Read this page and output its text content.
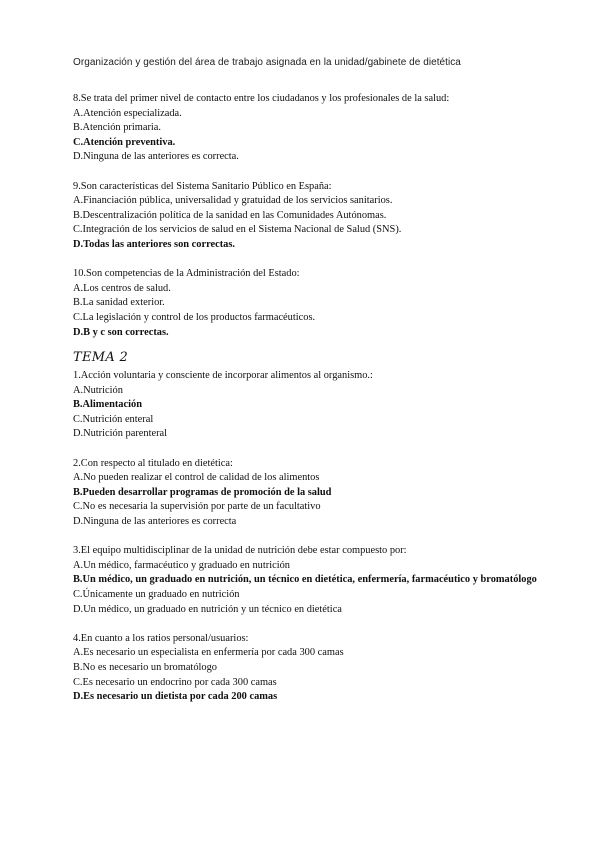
Organización y gestión del área de trabajo asignada en la unidad/gabinete de dietética

8.Se trata del primer nivel de contacto entre los ciudadanos y los profesionales de la salud:

A.Atención especializada.

B.Atención primaria.

C.Atención preventiva.

D.Ninguna de las anteriores es correcta.

9.Son características del Sistema Sanitario Público en España:

A.Financiación pública, universalidad y gratuidad de los servicios sanitarios.

B.Descentralización política de la sanidad en las Comunidades Autónomas.

C.Integración de los servicios de salud en el Sistema Nacional de Salud (SNS).

D.Todas las anteriores son correctas.

10.Son competencias de la Administración del Estado:

A.Los centros de salud.

B.La sanidad exterior.

C.La legislación y control de los productos farmacéuticos.

D.B y c son correctas.

TEMA 2

1.Acción voluntaria y consciente de incorporar alimentos al organismo.:

A.Nutrición

B.Alimentación

C.Nutrición enteral

D.Nutrición parenteral

2.Con respecto al titulado en dietética:

A.No pueden realizar el control de calidad de los alimentos

B.Pueden desarrollar programas de promoción de la salud

C.No es necesaria la supervisión por parte de un facultativo

D.Ninguna de las anteriores es correcta

3.El equipo multidisciplinar de la unidad de nutrición debe estar compuesto por:

A.Un médico, farmacéutico y graduado en nutrición

B.Un médico, un graduado en nutrición, un técnico en dietética, enfermería, farmacéutico y bromatólogo

C.Únicamente un graduado en nutrición

D.Un médico, un graduado en nutrición y un técnico en dietética

4.En cuanto a los ratios personal/usuarios:

A.Es necesario un especialista en enfermería por cada 300 camas

B.No es necesario un bromatólogo

C.Es necesario un endocrino por cada 300 camas

D.Es necesario un dietista por cada 200 camas
